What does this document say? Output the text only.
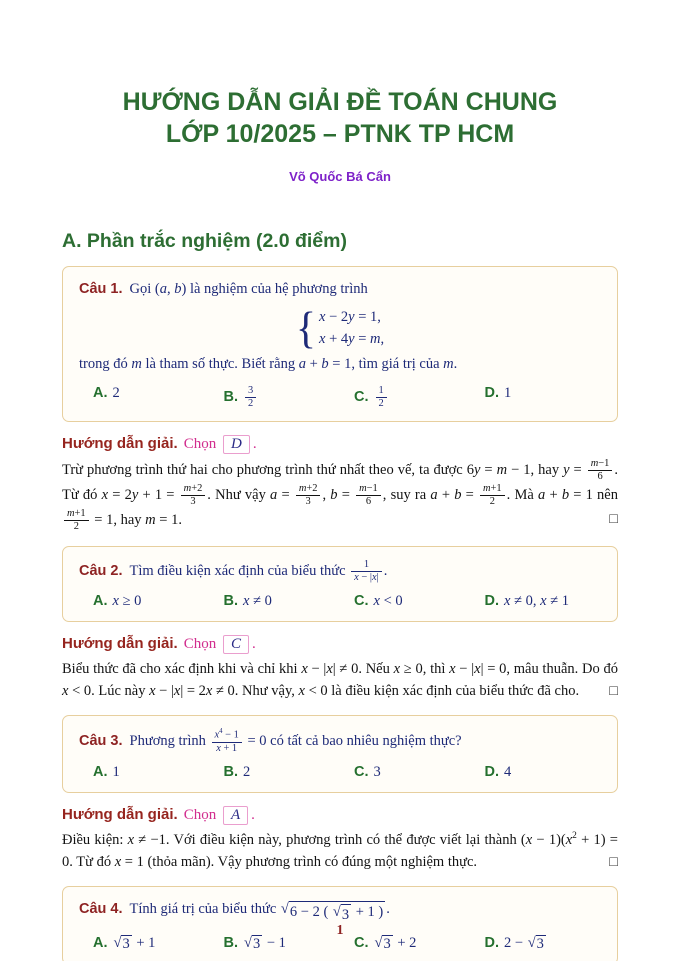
HƯỚNG DẪN GIẢI ĐỀ TOÁN CHUNG
LỚP 10/2025 – PTNK TP HCM
Võ Quốc Bá Cẩn
A. Phần trắc nghiệm (2.0 điểm)

Câu 1. Gọi (a, b) là nghiệm của hệ phương trình

{ x − 2y = 1,
x + 4y = m,

trong đó m là tham số thực. Biết rằng a + b = 1, tìm giá trị của m.

A. 2	B. $\frac{3}{2}$	C. $\frac{1}{2}$	D. 1
Hướng dẫn giải. Chọn D .

Trừ phương trình thứ hai cho phương trình thứ nhất theo vế, ta được 6y = m − 1, hay $y = \frac{m-1}{6}$ . Từ đó $x = 2y + 1 = \frac{m+2}{3}$ . Như vậy $a = \frac{m+2}{3}$ , $b = \frac{m-1}{6}$ , suy ra $a + b = \frac{m+1}{2}$ . Mà a + b = 1 nên
$\frac{m+1}{2} = 1$, hay m = 1.	□

Câu 2. Tìm điều kiện xác định của biểu thức $\frac{1}{x - |x|}$ .

A. x ≥ 0	B. x ≠ 0	C. x < 0	D. x ≠ 0, x ≠ 1
Hướng dẫn giải. Chọn C .

Biểu thức đã cho xác định khi và chỉ khi x − |x| ≠ 0. Nếu x ≥ 0, thì x − |x| = 0, mâu thuẫn. Do đó x < 0. Lúc này x − |x| = 2x ≠ 0. Như vậy, x < 0 là điều kiện xác định của biểu thức đã cho. □

Câu 3. Phương trình $\frac{x^4 - 1}{x + 1} = 0$ có tất cả bao nhiêu nghiệm thực?

A. 1	B. 2	C. 3	D. 4
Hướng dẫn giải. Chọn A .

Điều kiện: x ≠ −1. Với điều kiện này, phương trình có thể được viết lại thành $(x - 1)(x^2 + 1) = 0$. Từ đó x = 1 (thỏa mãn). Vậy phương trình có đúng một nghiệm thực.	□

Câu 4. Tính giá trị của biểu thức √ 6 − 2 ( √ 3 + 1 ) .

A. √ 3 + 1	B. √ 3 − 1	C. √ 3 + 2	D. 2 − √ 3
1
